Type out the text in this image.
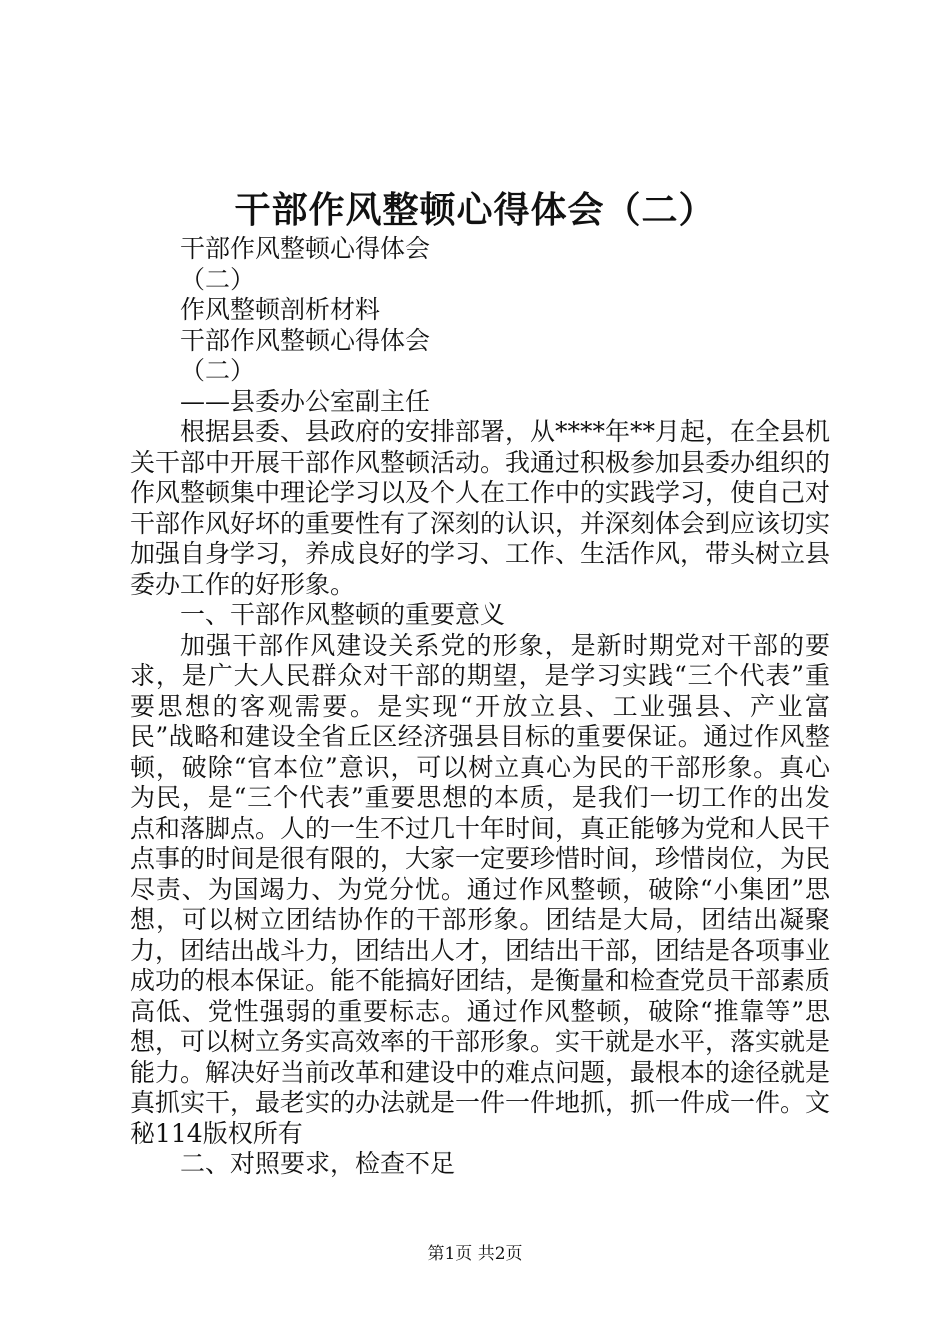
干部作风整顿心得体会（二）
干部作风整顿心得体会
（二）
作风整顿剖析材料
干部作风整顿心得体会
（二）
——县委办公室副主任

根据县委、县政府的安排部署，从****年**月起，在全县机关干部中开展干部作风整顿活动。我通过积极参加县委办组织的作风整顿集中理论学习以及个人在工作中的实践学习，使自己对干部作风好坏的重要性有了深刻的认识，并深刻体会到应该切实加强自身学习，养成良好的学习、工作、生活作风，带头树立县委办工作的好形象。

一、干部作风整顿的重要意义

加强干部作风建设关系党的形象，是新时期党对干部的要求，是广大人民群众对干部的期望，是学习实践“三个代表”重要思想的客观需要。是实现“开放立县、工业强县、产业富民”战略和建设全省丘区经济强县目标的重要保证。通过作风整顿，破除“官本位”意识，可以树立真心为民的干部形象。真心为民，是“三个代表”重要思想的本质，是我们一切工作的出发点和落脚点。人的一生不过几十年时间，真正能够为党和人民干点事的时间是很有限的，大家一定要珍惜时间，珍惜岗位，为民尽责、为国竭力、为党分忧。通过作风整顿，破除“小集团”思想，可以树立团结协作的干部形象。团结是大局，团结出凝聚力，团结出战斗力，团结出人才，团结出干部，团结是各项事业成功的根本保证。能不能搞好团结，是衡量和检查党员干部素质高低、党性强弱的重要标志。通过作风整顿，破除“推靠等”思想，可以树立务实高效率的干部形象。实干就是水平，落实就是能力。解决好当前改革和建设中的难点问题，最根本的途径就是真抓实干，最老实的办法就是一件一件地抓，抓一件成一件。文秘114版权所有

二、对照要求，检查不足

第1页 共2页
